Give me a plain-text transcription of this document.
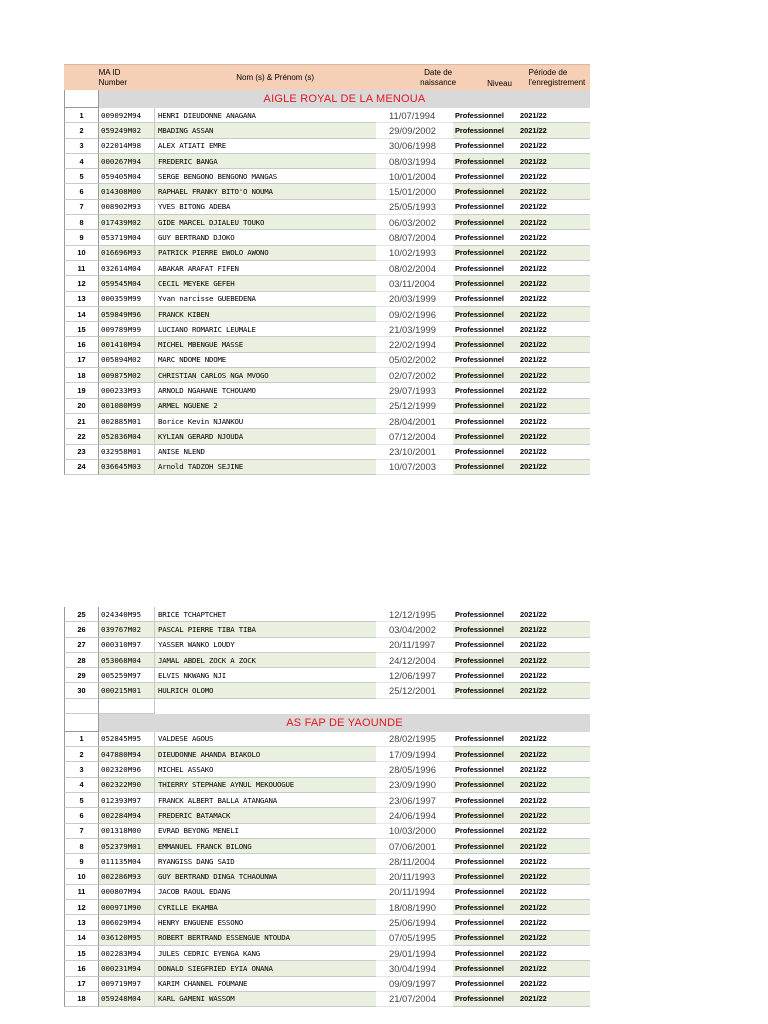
MA ID
Number
Nom (s) & Prénom (s)
Date de
naissance	Niveau
Période de
l'enregistrement
AIGLE ROYAL DE LA MENOUA
1	009092M94	HENRI DIEUDONNE ANAGANA	11/07/1994	Professionnel	2021/22
2	059249M02	MBADING ASSAN	29/09/2002	Professionnel	2021/22
3	022014M98	ALEX ATIATI EMRE	30/06/1998	Professionnel	2021/22
4	000267M94	FREDERIC BANGA	08/03/1994	Professionnel	2021/22
5	059405M04	SERGE BENGONO BENGONO MANGAS	10/01/2004	Professionnel	2021/22
6	014308M00	RAPHAEL FRANKY BITO'O NOUMA	15/01/2000	Professionnel	2021/22
7	008902M93	YVES BITONG ADEBA	25/05/1993	Professionnel	2021/22
8	017439M02	GIDE MARCEL DJIALEU TOUKO	06/03/2002	Professionnel	2021/22
9	053719M04	GUY BERTRAND DJOKO	08/07/2004	Professionnel	2021/22
10	016696M93	PATRICK PIERRE EWOLO AWONO	10/02/1993	Professionnel	2021/22
11	032614M04	ABAKAR ARAFAT FIFEN	08/02/2004	Professionnel	2021/22
12	059545M04	CECIL MEYEKE GEFEH	03/11/2004	Professionnel	2021/22
13	000359M99	Yvan narcisse GUEBEDENA	20/03/1999	Professionnel	2021/22
14	059849M96	FRANCK KIBEN	09/02/1996	Professionnel	2021/22
15	009789M99	LUCIANO ROMARIC LEUMALE	21/03/1999	Professionnel	2021/22
16	001410M94	MICHEL MBENGUE MASSE	22/02/1994	Professionnel	2021/22
17	005894M02	MARC NDOME NDOME	05/02/2002	Professionnel	2021/22
18	009875M02	CHRISTIAN CARLOS NGA MVOGO	02/07/2002	Professionnel	2021/22
19	000233M93	ARNOLD NGAHANE TCHOUAMO	29/07/1993	Professionnel	2021/22
20	001080M99	ARMEL NGUENE 2	25/12/1999	Professionnel	2021/22
21	002885M01	Borice Kevin NJANKOU	28/04/2001	Professionnel	2021/22
22	052836M04	KYLIAN GERARD NJOUDA	07/12/2004	Professionnel	2021/22
23	032958M01	ANISE NLEND	23/10/2001	Professionnel	2021/22
24	036645M03	Arnold TADZOH SEJINE	10/07/2003	Professionnel	2021/22
25	024340M95	BRICE TCHAPTCHET	12/12/1995	Professionnel	2021/22
26	039767M02	PASCAL PIERRE TIBA TIBA	03/04/2002	Professionnel	2021/22
27	000310M97	YASSER WANKO LOUDY	20/11/1997	Professionnel	2021/22
28	053068M04	JAMAL ABDEL ZOCK A ZOCK	24/12/2004	Professionnel	2021/22
29	005259M97	ELVIS NKWANG NJI	12/06/1997	Professionnel	2021/22
30	000215M01	HULRICH OLOMO	25/12/2001	Professionnel	2021/22
AS FAP DE YAOUNDE
1	052845M95	VALDESE AGOUS	28/02/1995	Professionnel	2021/22
2	047880M94	DIEUDONNE AHANDA BIAKOLO	17/09/1994	Professionnel	2021/22
3	002320M96	MICHEL ASSAKO	28/05/1996	Professionnel	2021/22
4	002322M90	THIERRY STEPHANE AYNUL MEKOUOGUE	23/09/1990	Professionnel	2021/22
5	012393M97	FRANCK ALBERT BALLA ATANGANA	23/06/1997	Professionnel	2021/22
6	002284M94	FREDERIC BATAMACK	24/06/1994	Professionnel	2021/22
7	001318M00	EVRAD BEYONG MENELI	10/03/2000	Professionnel	2021/22
8	052379M01	EMMANUEL FRANCK BILONG	07/06/2001	Professionnel	2021/22
9	011135M04	RYANGISS DANG SAID	28/11/2004	Professionnel	2021/22
10	002286M93	GUY BERTRAND DINGA TCHAOUNWA	20/11/1993	Professionnel	2021/22
11	000807M94	JACOB RAOUL EDANG	20/11/1994	Professionnel	2021/22
12	000971M90	CYRILLE EKAMBA	18/08/1990	Professionnel	2021/22
13	006029M94	HENRY ENGUENE ESSONO	25/06/1994	Professionnel	2021/22
14	036120M95	ROBERT BERTRAND ESSENGUE NTOUDA	07/05/1995	Professionnel	2021/22
15	002283M94	JULES CEDRIC EYENGA KANG	29/01/1994	Professionnel	2021/22
16	000231M94	DONALD SIEGFRIED EYIA ONANA	30/04/1994	Professionnel	2021/22
17	009719M97	KARIM CHANNEL FOUMANE	09/09/1997	Professionnel	2021/22
18	059248M04	KARL GAMENI WASSOM	21/07/2004	Professionnel	2021/22
